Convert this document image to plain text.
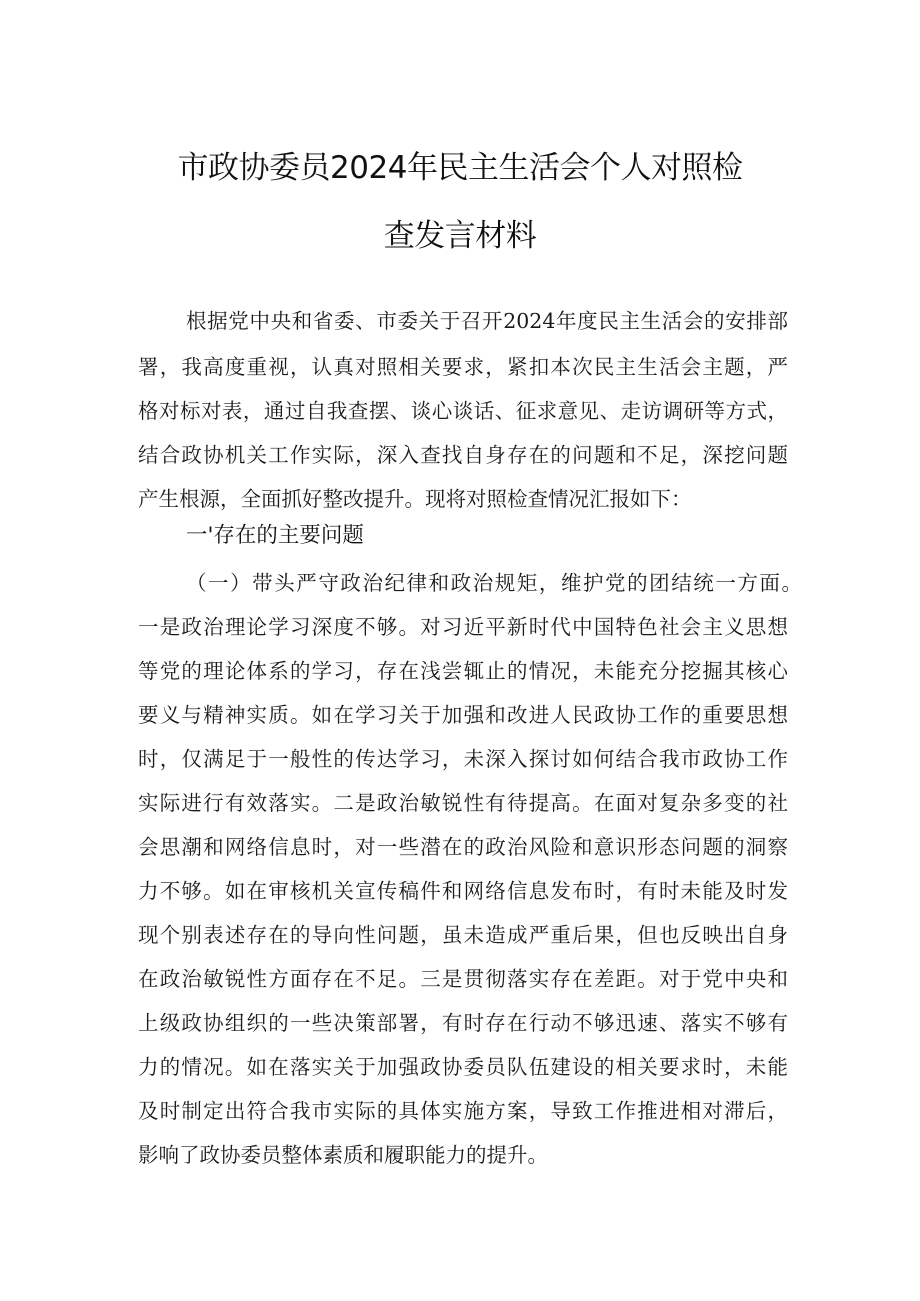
市政协委员2024年民主生活会个人对照检
查发言材料
根据党中央和省委、市委关于召开2024年度民主生活会的安排部
署，我高度重视，认真对照相关要求，紧扣本次民主生活会主题，严
格对标对表，通过自我查摆、谈心谈话、征求意见、走访调研等方式，
结合政协机关工作实际，深入查找自身存在的问题和不足，深挖问题
产生根源，全面抓好整改提升。现将对照检查情况汇报如下：
一'存在的主要问题
（一）带头严守政治纪律和政治规矩，维护党的团结统一方面。
一是政治理论学习深度不够。对习近平新时代中国特色社会主义思想
等党的理论体系的学习，存在浅尝辄止的情况，未能充分挖掘其核心
要义与精神实质。如在学习关于加强和改进人民政协工作的重要思想
时，仅满足于一般性的传达学习，未深入探讨如何结合我市政协工作
实际进行有效落实。二是政治敏锐性有待提高。在面对复杂多变的社
会思潮和网络信息时，对一些潜在的政治风险和意识形态问题的洞察
力不够。如在审核机关宣传稿件和网络信息发布时，有时未能及时发
现个别表述存在的导向性问题，虽未造成严重后果，但也反映出自身
在政治敏锐性方面存在不足。三是贯彻落实存在差距。对于党中央和
上级政协组织的一些决策部署，有时存在行动不够迅速、落实不够有
力的情况。如在落实关于加强政协委员队伍建设的相关要求时，未能
及时制定出符合我市实际的具体实施方案，导致工作推进相对滞后，
影响了政协委员整体素质和履职能力的提升。
